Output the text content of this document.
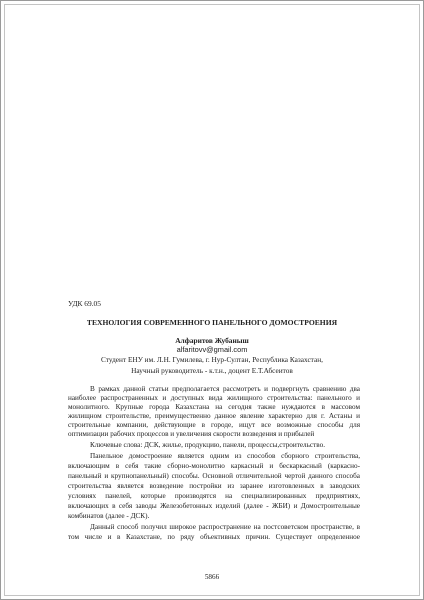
УДК 69.05

ТЕХНОЛОГИЯ СОВРЕМЕННОГО ПАНЕЛЬНОГО ДОМОСТРОЕНИЯ

Алфаритов Жубаныш

alfaritovv@gmail.com

Студент ЕНУ им. Л.Н. Гумилева, г. Нур-Султан, Республика Казахстан,

Научный руководитель - к.т.н., доцент Е.Т.Абсеитов

В рамках данной статьи предполагается рассмотреть и подвергнуть сравнению два
наиболее распространенных и доступных вида жилищного строительства: панельного и
монолитного. Крупные города Казахстана на сегодня также нуждаются в массовом
жилищном строительстве, преимущественно данное явление характерно для г. Астаны и
строительные компании, действующие в городе, ищут все возможные способы для
оптимизации рабочих процессов и увеличения скорости возведения и прибылей
Ключевые слова: ДСК, жилье, продукцию, панели, процессы,строительство.
Панельное домостроение является одним из способов сборного строительства,
включающим в себя такие сборно-монолитно каркасный и бескаркасный (каркасно-
панельный и крупнопанельный) способы. Основной отличительной чертой данного способа
строительства является возведение постройки из заранее изготовленных в заводских
условиях панелей, которые производятся на специализированных предприятиях,
включающих в себя заводы Железобетонных изделий (далее - ЖБИ) и Домостроительные
комбинатов (далее - ДСК).
Данный способ получил широкое распространение на постсоветском пространстве, в
том числе и в Казахстане, по ряду объективных причин. Существует определенное

5866
